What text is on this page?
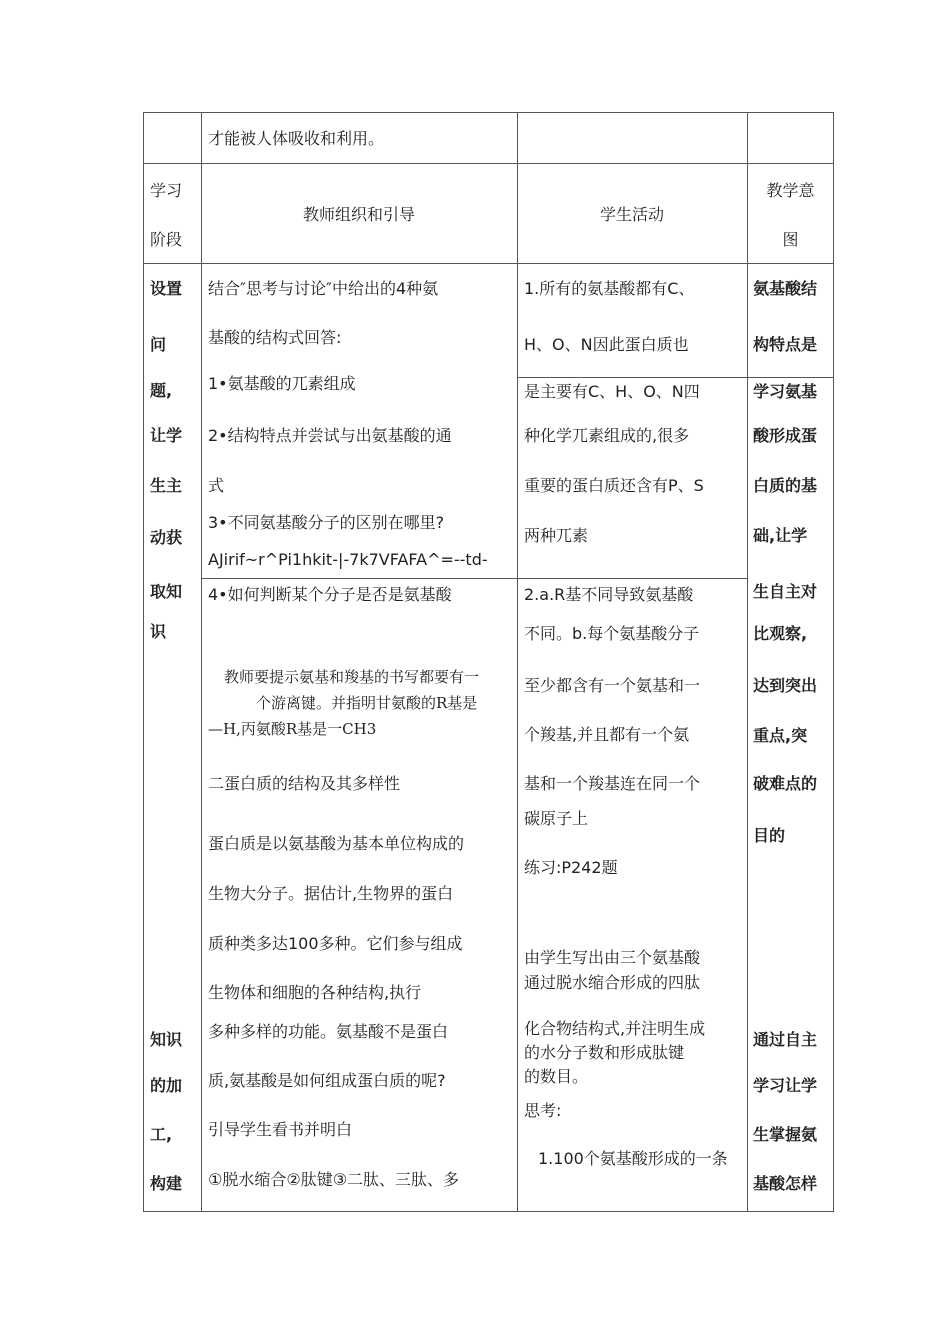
才能被人体吸收和利用。
学习
阶段
教师组织和引导	学生活动
教学意
图
设置
问
题,
让学
生主
动获
取知
识
知识
的加
工,
构建
结合″思考与讨论″中给出的4种氨
基酸的结构式回答:
1•氨基酸的兀素组成
2•结构特点并尝试与出氨基酸的通
式
3•不同氨基酸分子的区别在哪里?
AJirif~r^Pi1hkit-|-7k7VFAFA^=--td-
4•如何判断某个分子是否是氨基酸
教师要提示氨基和羧基的书写都要有一
个游离键。并指明甘氨酸的R基是
—H,丙氨酸R基是一CH3
二蛋白质的结构及其多样性
蛋白质是以氨基酸为基本单位构成的
生物大分子。据估计,生物界的蛋白
质种类多达100多种。它们参与组成
生物体和细胞的各种结构,执行
多种多样的功能。氨基酸不是蛋白
质,氨基酸是如何组成蛋白质的呢?
引导学生看书并明白
①脱水缩合②肽键③二肽、三肽、多
1.所有的氨基酸都有C、
H、O、N因此蛋白质也
是主要有C、H、O、N四
种化学兀素组成的,很多
重要的蛋白质还含有P、S
两种兀素
2.a.R基不同导致氨基酸
不同。b.每个氨基酸分子
至少都含有一个氨基和一
个羧基,并且都有一个氨
基和一个羧基连在同一个
碳原子上
练习:P242题
由学生写出由三个氨基酸
通过脱水缩合形成的四肽
化合物结构式,并注明生成
的水分子数和形成肽键
的数目。
思考:
1.100个氨基酸形成的一条
氨基酸结
构特点是
学习氨基
酸形成蛋
白质的基
础,让学
生自主对
比观察,
达到突出
重点,突
破难点的
目的
通过自主
学习让学
生掌握氨
基酸怎样
